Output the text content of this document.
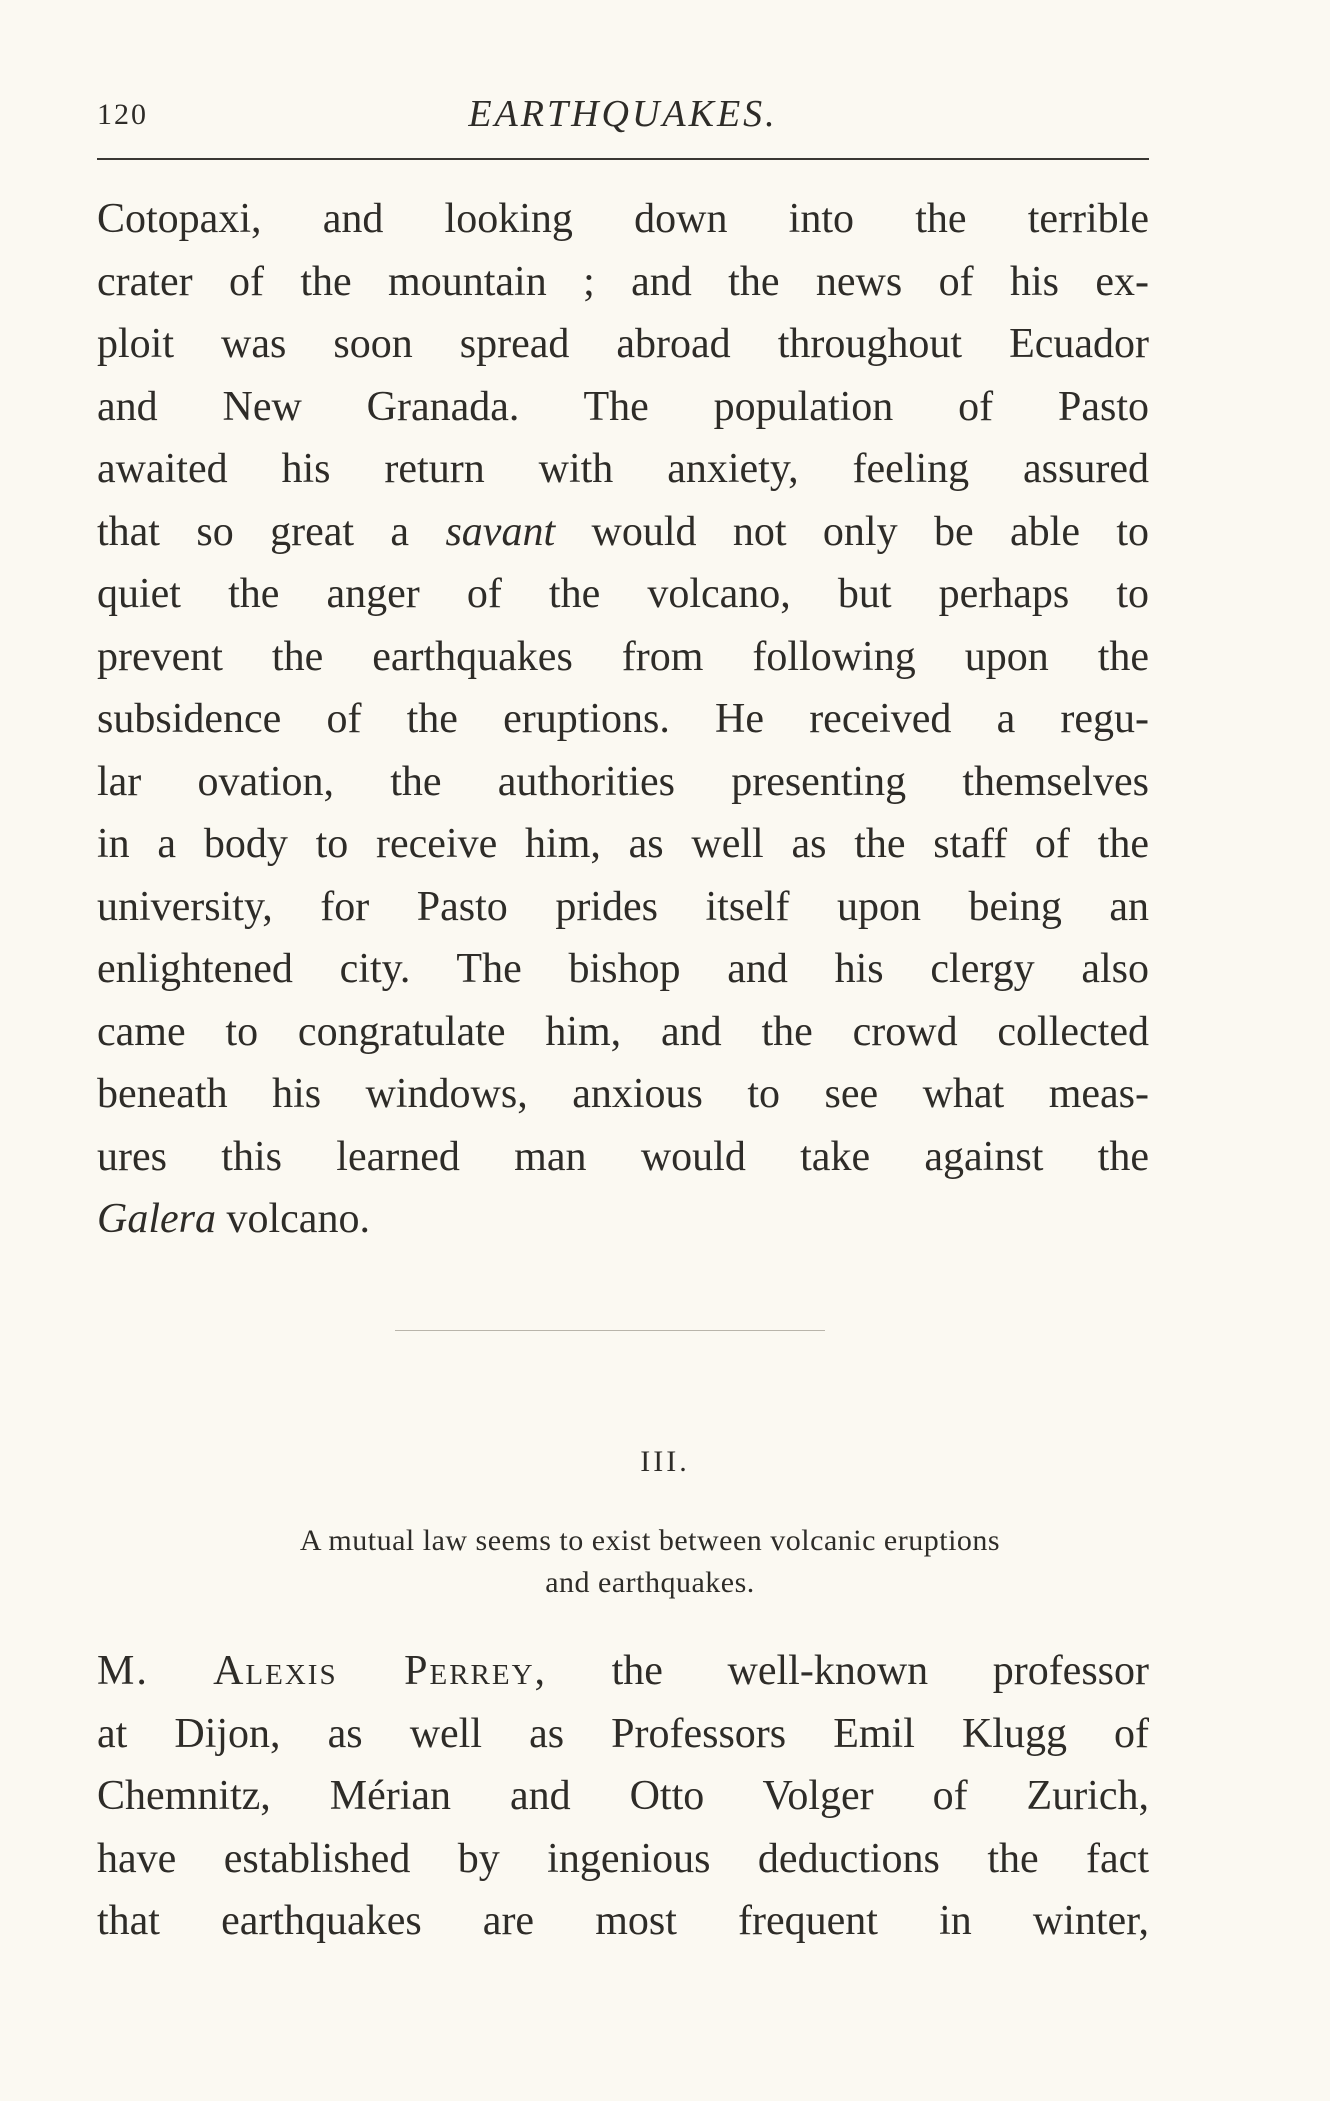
120	EARTHQUAKES.
Cotopaxi, and looking down into the terrible
crater of the mountain ; and the news of his ex-
ploit was soon spread abroad throughout Ecuador
and New Granada. The population of Pasto
awaited his return with anxiety, feeling assured
that so great a savant would not only be able to
quiet the anger of the volcano, but perhaps to
prevent the earthquakes from following upon the
subsidence of the eruptions. He received a regu-
lar ovation, the authorities presenting themselves
in a body to receive him, as well as the staff of the
university, for Pasto prides itself upon being an
enlightened city. The bishop and his clergy also
came to congratulate him, and the crowd collected
beneath his windows, anxious to see what meas-
ures this learned man would take against the
Galera volcano.
III.
A mutual law seems to exist between volcanic eruptions
and earthquakes.
M. Alexis Perrey, the well-known professor
at Dijon, as well as Professors Emil Klugg of
Chemnitz, Mérian and Otto Volger of Zurich,
have established by ingenious deductions the fact
that earthquakes are most frequent in winter,
